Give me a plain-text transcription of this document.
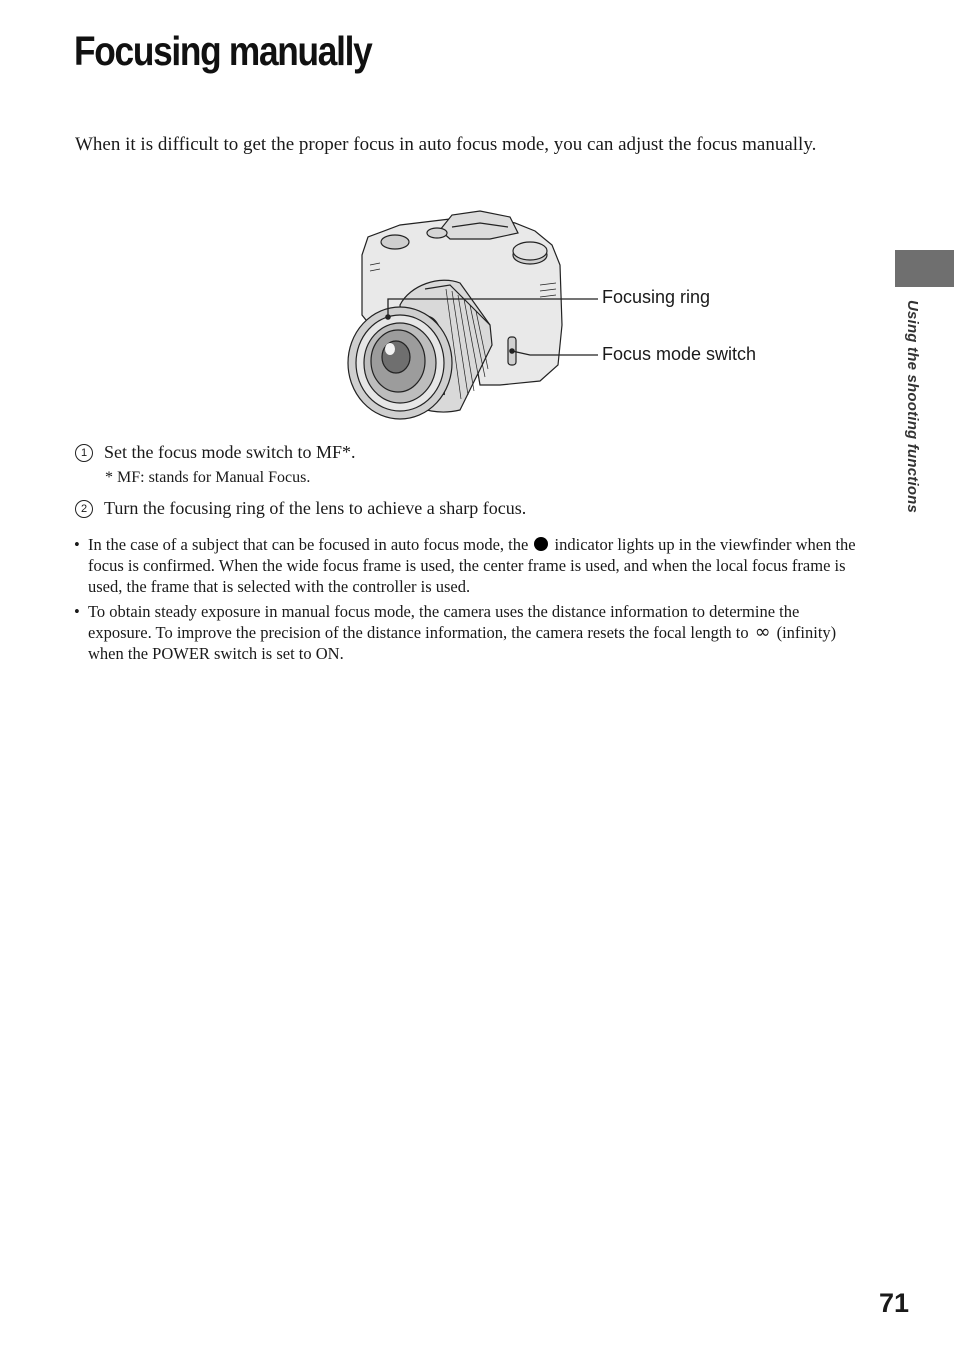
Focusing manually

When it is difficult to get the proper focus in auto focus mode, you can adjust the focus manually.

Focusing ring
Focus mode switch
1 Set the focus mode switch to MF*.
* MF: stands for Manual Focus.
2 Turn the focusing ring of the lens to achieve a sharp focus.
• In the case of a subject that can be focused in auto focus mode, the indicator lights up in the viewfinder when the focus is confirmed. When the wide focus frame is used, the center frame is used, and when the local focus frame is used, the frame that is selected with the controller is used.
• To obtain steady exposure in manual focus mode, the camera uses the distance information to determine the exposure. To improve the precision of the distance information, the camera resets the focal length to ∞ (infinity) when the POWER switch is set to ON.
Using the shooting functions
71
